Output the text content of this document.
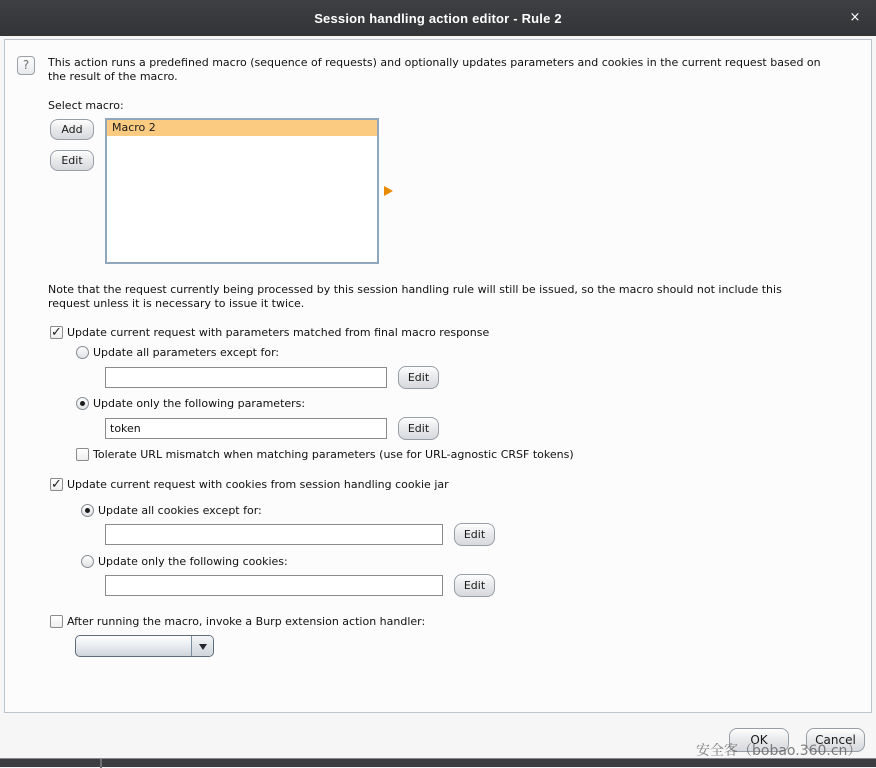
Session handling action editor - Rule 2	×
?	This action runs a predefined macro (sequence of requests) and optionally updates parameters and cookies in the current request based on
the result of the macro.
Select macro:
Add
Edit
Macro 2
Note that the request currently being processed by this session handling rule will still be issued, so the macro should not include this
request unless it is necessary to issue it twice.
✓
Update current request with parameters matched from final macro response
Update all parameters except for:
Edit
Update only the following parameters:
token
Edit
Tolerate URL mismatch when matching parameters (use for URL-agnostic CRSF tokens)
✓
Update current request with cookies from session handling cookie jar
Update all cookies except for:
Edit
Update only the following cookies:
Edit
After running the macro, invoke a Burp extension action handler:
OK	Cancel
安全客（bobao.360.cn）
